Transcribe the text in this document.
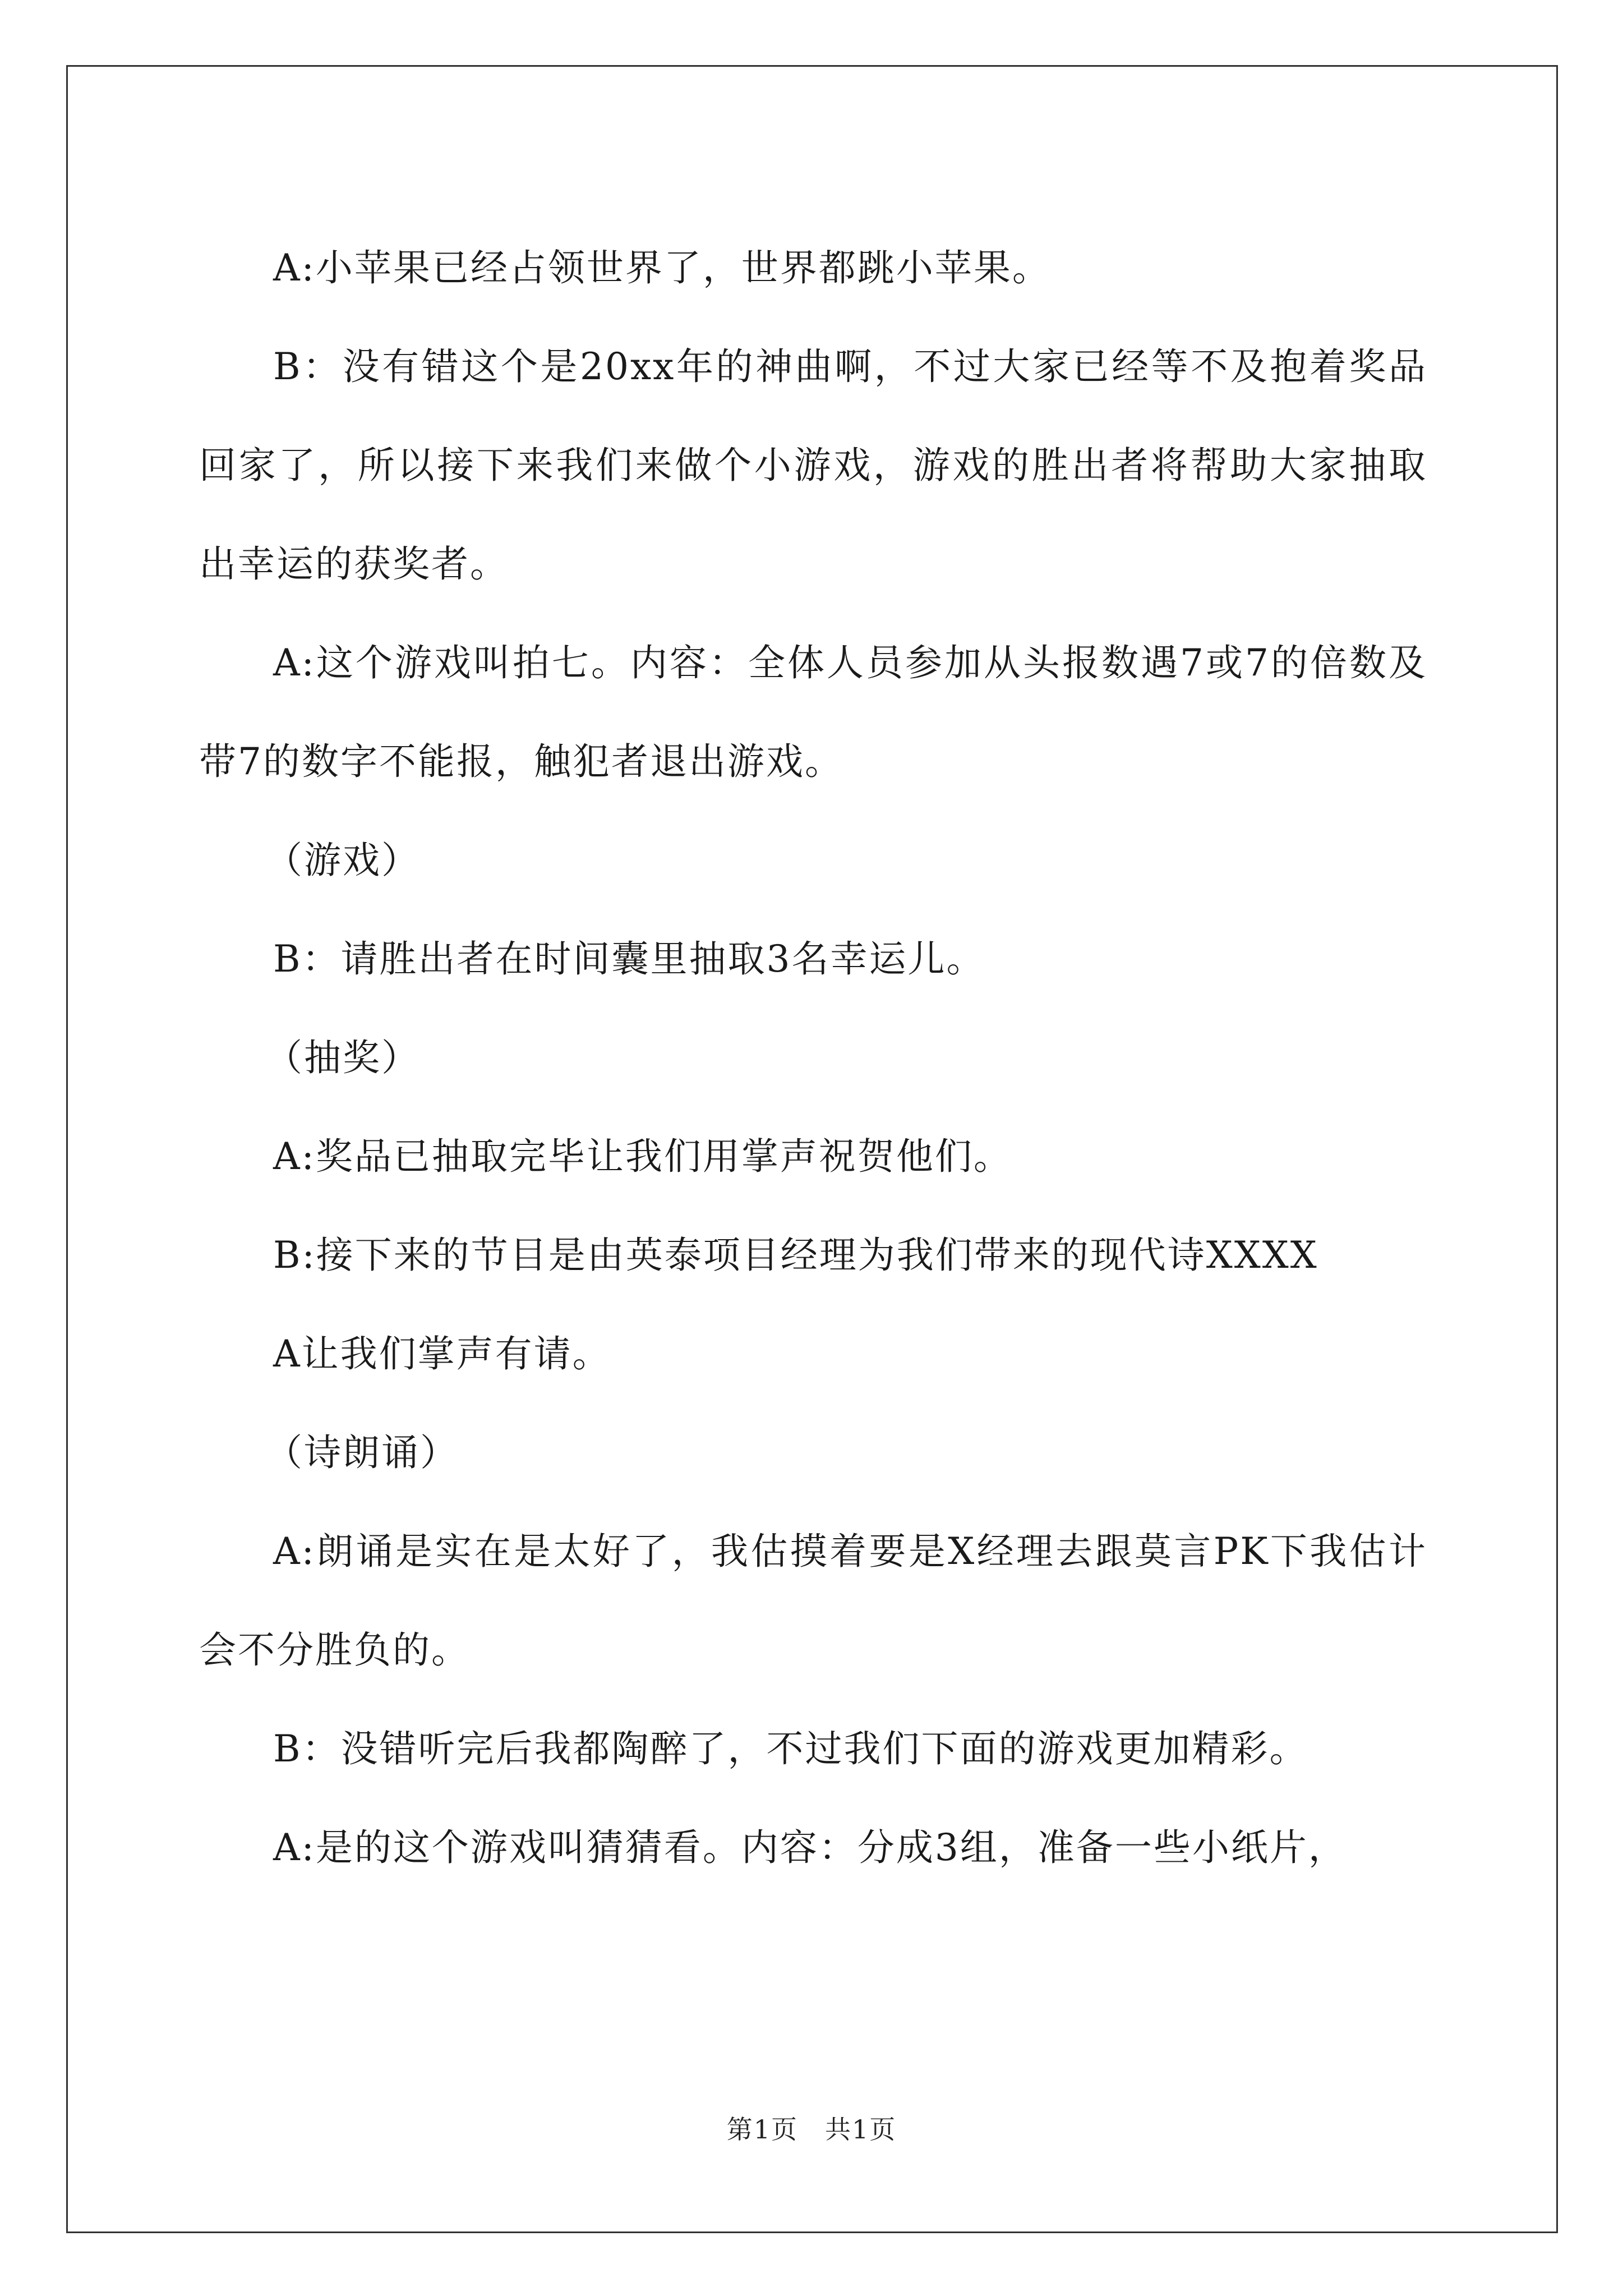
A:小苹果已经占领世界了，世界都跳小苹果。

B：没有错这个是20xx年的神曲啊，不过大家已经等不及抱着奖品回家了，所以接下来我们来做个小游戏，游戏的胜出者将帮助大家抽取出幸运的获奖者。

A:这个游戏叫拍七。内容：全体人员参加从头报数遇7或7的倍数及带7的数字不能报，触犯者退出游戏。

（游戏）

B：请胜出者在时间囊里抽取3名幸运儿。

（抽奖）

A:奖品已抽取完毕让我们用掌声祝贺他们。

B:接下来的节目是由英泰项目经理为我们带来的现代诗XXXX

A让我们掌声有请。

（诗朗诵）

A:朗诵是实在是太好了，我估摸着要是X经理去跟莫言PK下我估计会不分胜负的。

B：没错听完后我都陶醉了，不过我们下面的游戏更加精彩。

A:是的这个游戏叫猜猜看。内容：分成3组，准备一些小纸片，

第1页　共1页
